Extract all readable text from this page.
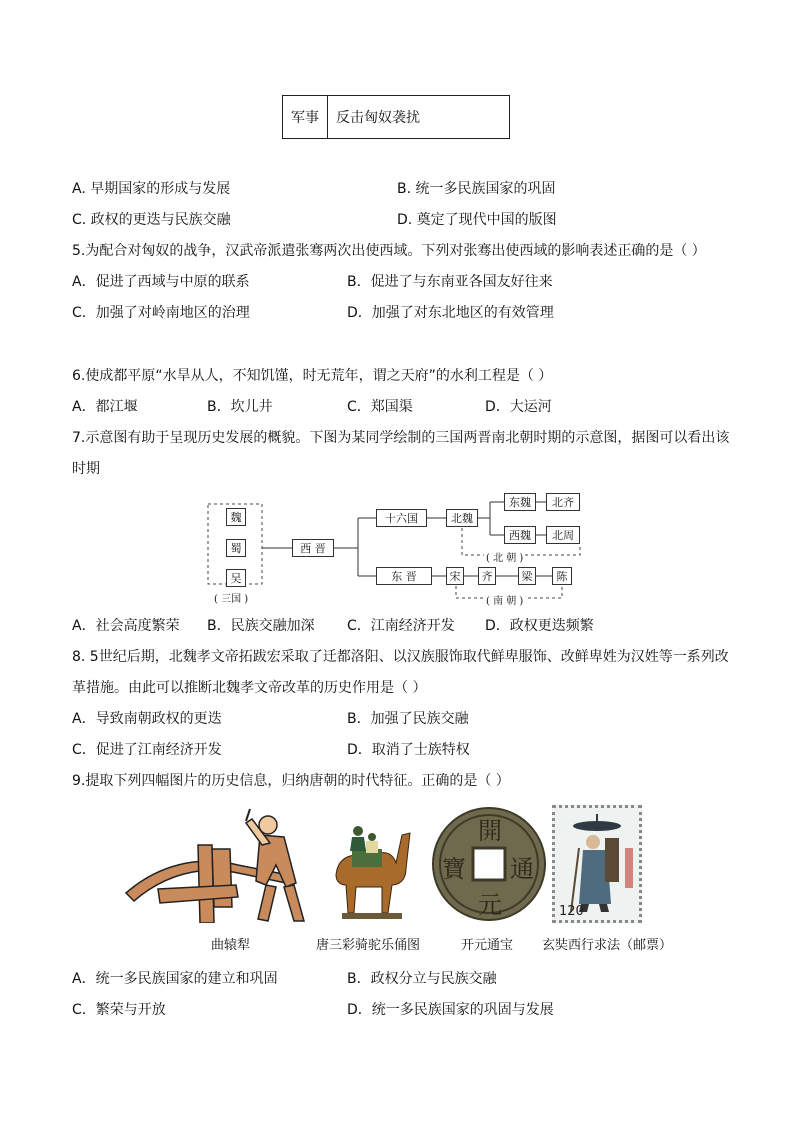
军事	反击匈奴袭扰
A. 早期国家的形成与发展	B. 统一多民族国家的巩固
C. 政权的更迭与民族交融	D. 奠定了现代中国的版图
5.为配合对匈奴的战争，汉武帝派遣张骞两次出使西域。下列对张骞出使西域的影响表述正确的是（ ）
A．促进了西域与中原的联系	B．促进了与东南亚各国友好往来
C．加强了对岭南地区的治理	D．加强了对东北地区的有效管理
6.使成都平原“水旱从人，不知饥馑，时无荒年，谓之天府”的水利工程是（ ）
A．都江堰	B．坎儿井	C．郑国渠	D．大运河
7.示意图有助于呈现历史发展的概貌。下图为某同学绘制的三国两晋南北朝时期的示意图，据图可以看出该
时期
魏
蜀
吴
( 三国 )
西 晋
十六国	北魏
东魏	北齐
西魏	北周
( 北 朝 )
东 晋	宋	齐	梁	陈
( 南 朝 )
A．社会高度繁荣 B．民族交融加深 C．江南经济开发 D．政权更迭频繁
8. 5世纪后期，北魏孝文帝拓跋宏采取了迁都洛阳、以汉族服饰取代鲜卑服饰、改鲜卑姓为汉姓等一系列改
革措施。由此可以推断北魏孝文帝改革的历史作用是（ ）
A．导致南朝政权的更迭	B．加强了民族交融
C．促进了江南经济开发	D．取消了士族特权
9.提取下列四幅图片的历史信息，归纳唐朝的时代特征。正确的是（ ）
開
通
元
寶
120
曲辕犁	唐三彩骑驼乐俑图	开元通宝 玄奘西行求法（邮票）
A．统一多民族国家的建立和巩固	B．政权分立与民族交融
C．繁荣与开放	D．统一多民族国家的巩固与发展
